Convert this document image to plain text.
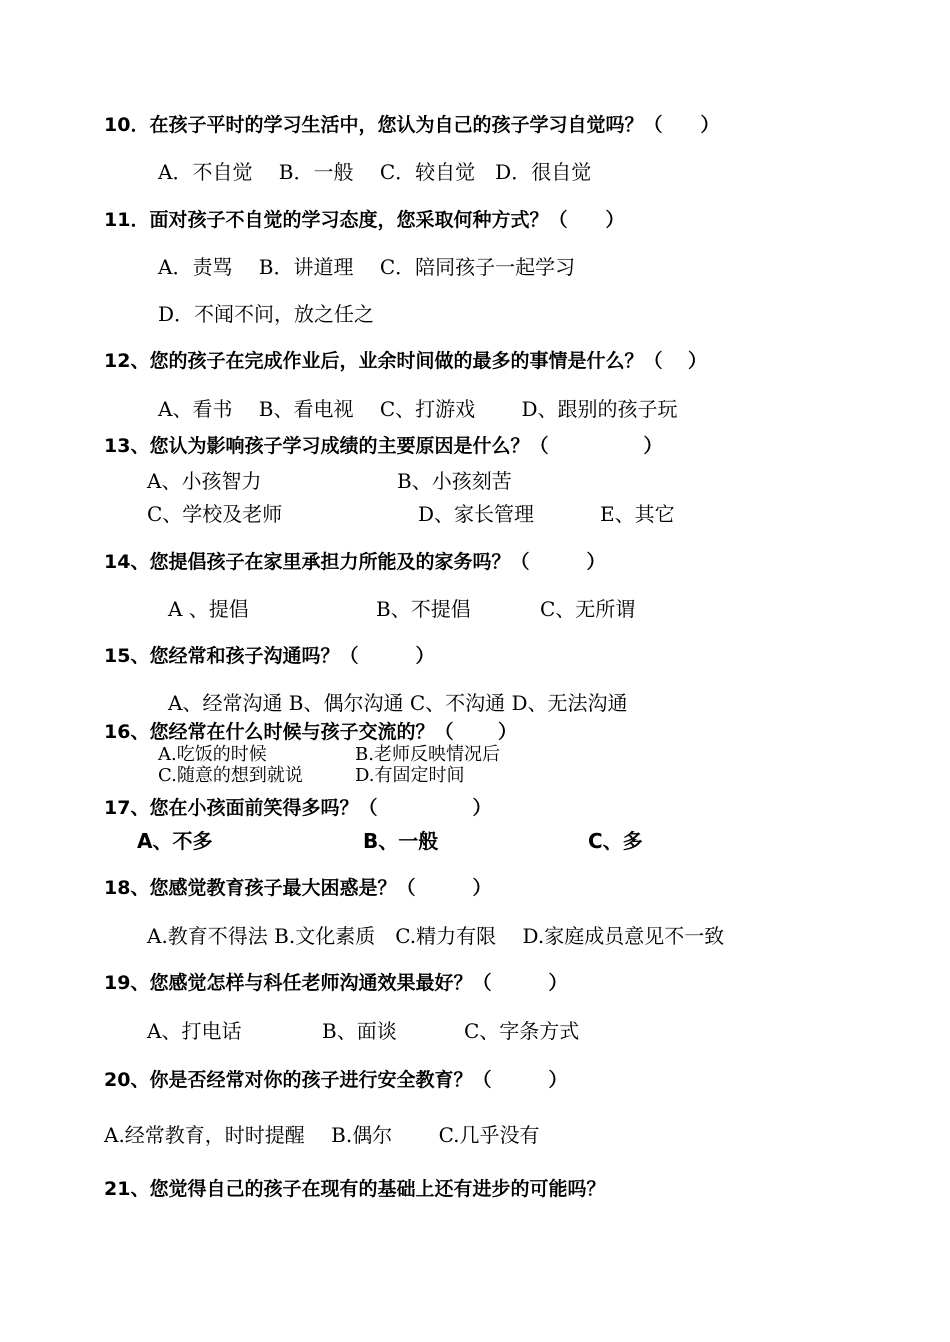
10．在孩子平时的学习生活中，您认为自己的孩子学习自觉吗？（　　）
A．不自觉　 B．一般　 C．较自觉　D．很自觉
11．面对孩子不自觉的学习态度，您采取何种方式？（　　）
A．责骂　 B．讲道理　 C．陪同孩子一起学习
D．不闻不问，放之任之
12、您的孩子在完成作业后，业余时间做的最多的事情是什么？（　 ）
A、看书　 B、看电视　 C、打游戏　　 D、跟别的孩子玩
13、您认为影响孩子学习成绩的主要原因是什么？（　　　　　）
A、小孩智力	B、小孩刻苦
C、学校及老师	D、家长管理	E、其它
14、您提倡孩子在家里承担力所能及的家务吗？（　　　）
A 、提倡	B、不提倡	C、无所谓
15、您经常和孩子沟通吗？（　　　）
A、经常沟通 B、偶尔沟通 C、不沟通 D、无法沟通
16、您经常在什么时候与孩子交流的？（　　 ）
A.吃饭的时候	B.老师反映情况后
C.随意的想到就说	D.有固定时间
17、您在小孩面前笑得多吗？（　　　　　）
A、不多	B、一般	C、多
18、您感觉教育孩子最大困惑是？（　　　）
A.教育不得法 B.文化素质　C.精力有限　 D.家庭成员意见不一致
19、您感觉怎样与科任老师沟通效果最好？（　　　）
A、打电话	B、面谈	C、字条方式
20、你是否经常对你的孩子进行安全教育？（　　　）
A.经常教育，时时提醒　 B.偶尔　　 C.几乎没有
21、您觉得自己的孩子在现有的基础上还有进步的可能吗？
